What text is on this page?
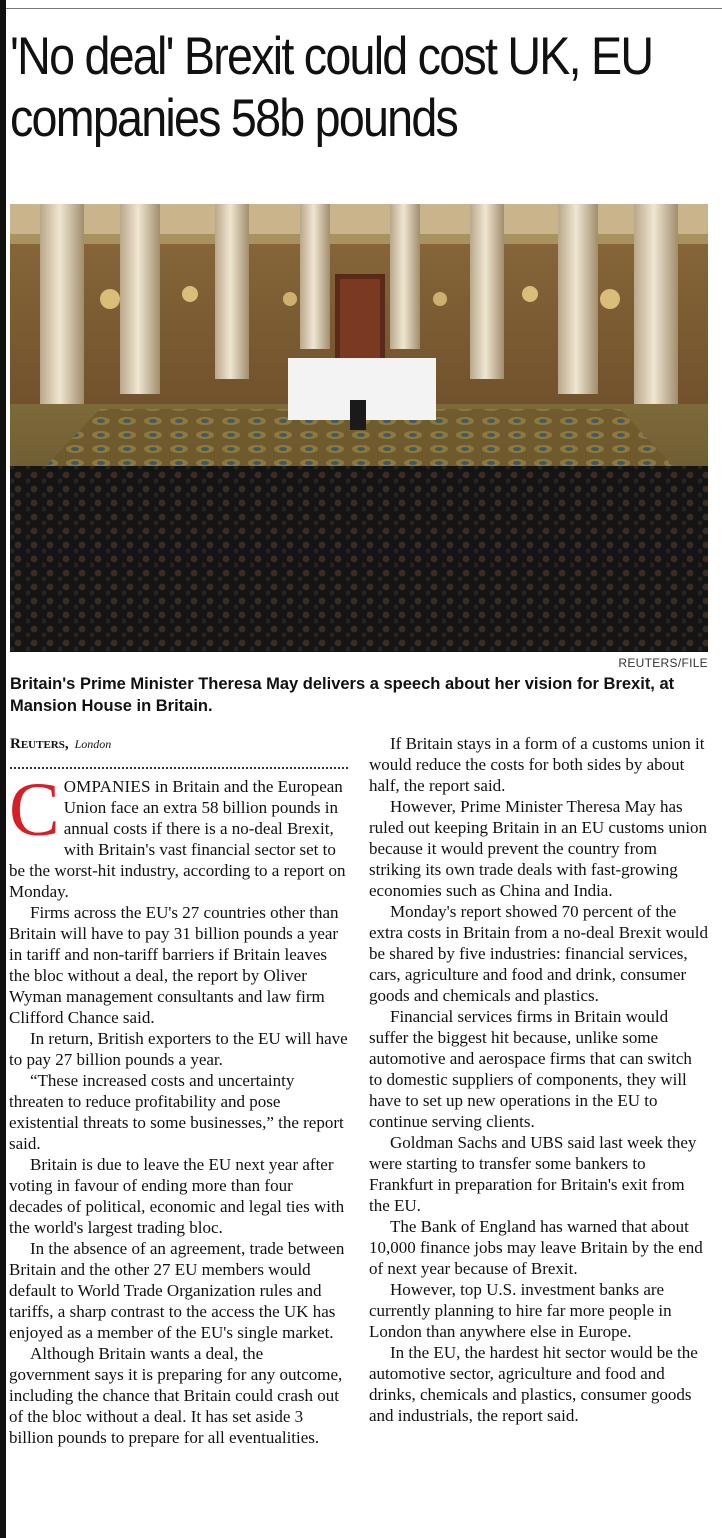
'No deal' Brexit could cost UK, EU companies 58b pounds
REUTERS/FILE
Britain's Prime Minister Theresa May delivers a speech about her vision for Brexit, at Mansion House in Britain.
Reuters, London

COMPANIES in Britain and the European Union face an extra 58 billion pounds in annual costs if there is a no-deal Brexit, with Britain's vast financial sector set to be the worst-hit industry, according to a report on Monday.

Firms across the EU's 27 countries other than Britain will have to pay 31 billion pounds a year in tariff and non-tariff barriers if Britain leaves the bloc without a deal, the report by Oliver Wyman management consultants and law firm Clifford Chance said.

In return, British exporters to the EU will have to pay 27 billion pounds a year.

“These increased costs and uncertainty threaten to reduce profitability and pose existential threats to some businesses,” the report said.

Britain is due to leave the EU next year after voting in favour of ending more than four decades of political, economic and legal ties with the world's largest trading bloc.

In the absence of an agreement, trade between Britain and the other 27 EU members would default to World Trade Organization rules and tariffs, a sharp contrast to the access the UK has enjoyed as a member of the EU's single market.

Although Britain wants a deal, the government says it is preparing for any outcome, including the chance that Britain could crash out of the bloc without a deal. It has set aside 3 billion pounds to prepare for all eventualities.

If Britain stays in a form of a customs union it would reduce the costs for both sides by about half, the report said.

However, Prime Minister Theresa May has ruled out keeping Britain in an EU customs union because it would prevent the country from striking its own trade deals with fast-growing economies such as China and India.

Monday's report showed 70 percent of the extra costs in Britain from a no-deal Brexit would be shared by five industries: financial services, cars, agriculture and food and drink, consumer goods and chemicals and plastics.

Financial services firms in Britain would suffer the biggest hit because, unlike some automotive and aerospace firms that can switch to domestic suppliers of components, they will have to set up new operations in the EU to continue serving clients.

Goldman Sachs and UBS said last week they were starting to transfer some bankers to Frankfurt in preparation for Britain's exit from the EU.

The Bank of England has warned that about 10,000 finance jobs may leave Britain by the end of next year because of Brexit.

However, top U.S. investment banks are currently planning to hire far more people in London than anywhere else in Europe.

In the EU, the hardest hit sector would be the automotive sector, agriculture and food and drinks, chemicals and plastics, consumer goods and industrials, the report said.
